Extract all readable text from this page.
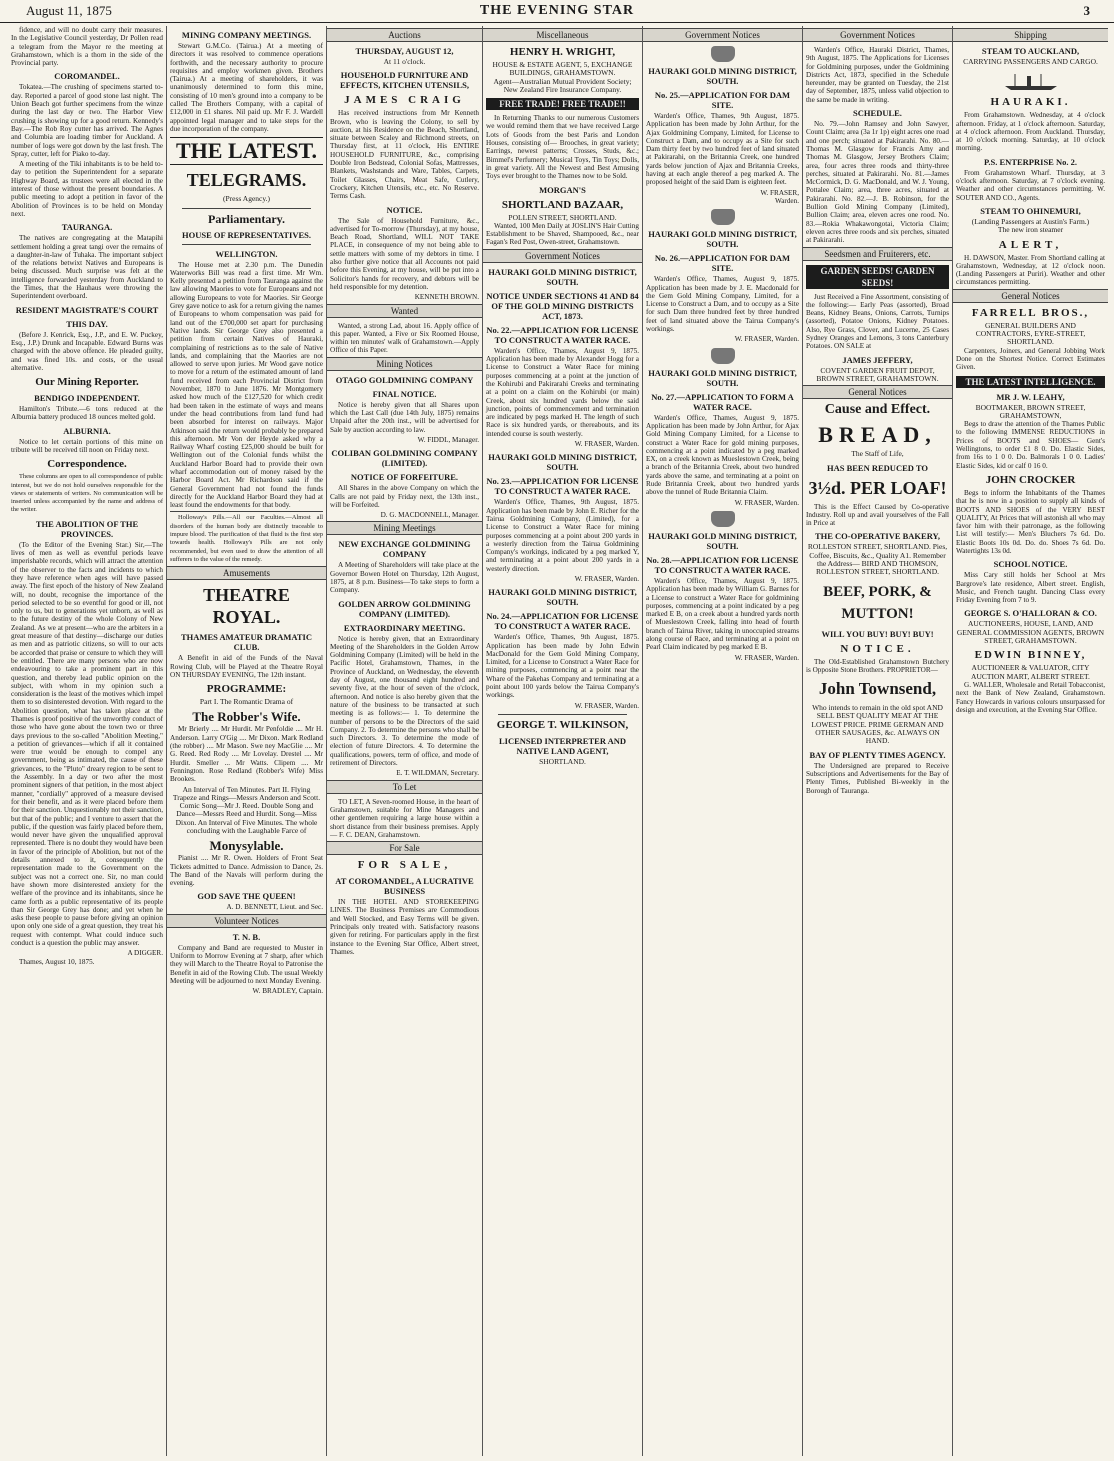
August 11, 1875	THE EVENING STAR	3
fidence, and will no doubt carry their measures. In the Legislative Council yesterday, Dr Pollen read a telegram from the Mayor re the meeting at Grahamstown, which is a thorn in the side of the Provincial party.
COROMANDEL.
Tokatea.—The crushing of specimens started to-day. Reported a parcel of good stone last night. The Union Beach got further specimens from the winze during the last day or two. The Harbor View crushing is showing up for a good return. Kennedy's Bay.—The Rob Roy cutter has arrived. The Agnes and Columbia are loading timber for Auckland. A number of logs were got down by the last fresh. The Spray, cutter, left for Piako to-day.
A meeting of the Tiki inhabitants is to be held to-day to petition the Superintendent for a separate Highway Board, as trustees were all elected in the interest of those without the present boundaries. A public meeting to adopt a petition in favor of the Abolition of Provinces is to be held on Monday next.
TAURANGA.
The natives are congregating at the Matapihi settlement holding a great tangi over the remains of a daughter-in-law of Tuhaka. The important subject of the relations betwixt Natives and Europeans is being discussed. Much surprise was felt at the intelligence forwarded yesterday from Auckland to the Times, that the Hauhaus were throwing the Superintendent overboard.
RESIDENT MAGISTRATE'S COURT
THIS DAY.
(Before J. Kenrick, Esq., J.P., and E. W. Puckey, Esq., J.P.) Drunk and Incapable. Edward Burns was charged with the above offence. He pleaded guilty, and was fined 10s. and costs, or the usual alternative.
Our Mining Reporter.
BENDIGO INDEPENDENT.
Hamilton's Tribute.—6 tons reduced at the Alburnia battery produced 18 ounces melted gold.
ALBURNIA.
Notice to let certain portions of this mine on tribute will be received till noon on Friday next.
Correspondence.
These columns are open to all correspondence of public interest, but we do not hold ourselves responsible for the views or statements of writers. No communication will be inserted unless accompanied by the name and address of the writer.
THE ABOLITION OF THE PROVINCES.
(To the Editor of the Evening Star.) Sir,—The lives of men as well as eventful periods leave imperishable records, which will attract the attention of the observer to the facts and incidents to which they have reference when ages will have passed away. The first epoch of the history of New Zealand will, no doubt, recognise the importance of the period selected to be so eventful for good or ill, not only to us, but to generations yet unborn, as well as to the future destiny of the whole Colony of New Zealand. As we at present—who are the arbiters in a great measure of that destiny—discharge our duties as men and as patriotic citizens, so will to our acts be accorded that praise or censure to which they will be entitled. There are many persons who are now endeavouring to take a prominent part in this question, and thereby lead public opinion on the subject, with whom in my opinion such a consideration is the least of the motives which impel them to so disinterested devotion. With regard to the Abolition question, what has taken place at the Thames is proof positive of the unworthy conduct of those who have gone about the town two or three days previous to the so-called "Abolition Meeting," a petition of grievances—which if all it contained were true would be enough to compel any government, being as intimated, the cause of these grievances, to the "Pluto" dreary region to be sent to the Assembly. In a day or two after the most prominent signers of that petition, in the most abject manner, "cordially" approved of a measure devised for their benefit, and as it were placed before them for their sanction. Unquestionably not their sanction, but that of the public; and I venture to assert that the public, if the question was fairly placed before them, would never have given the unqualified approval represented. There is no doubt they would have been in favor of the principle of Abolition, but not of the details annexed to it, consequently the representation made to the Government on the subject was not a correct one. Sir, no man could have shown more disinterested anxiety for the welfare of the province and its inhabitants, since he came forth as a public representative of its people than Sir George Grey has done; and yet when he asks these people to pause before giving an opinion upon only one side of a great question, they treat his request with contempt. What could induce such conduct is a question the public may answer.
A DIGGER.
Thames, August 10, 1875.
MINING COMPANY MEETINGS.
Stewart G.M.Co. (Tairua.) At a meeting of directors it was resolved to commence operations forthwith, and the necessary authority to procure requisites and employ workmen given. Brothers (Tairua.) At a meeting of shareholders, it was unanimously determined to form this mine, consisting of 10 men's ground into a company to be called The Brothers Company, with a capital of £12,000 in £1 shares. Nil paid up. Mr F. J. Wardell appointed legal manager and to take steps for the due incorporation of the company.
THE LATEST.
TELEGRAMS.
(Press Agency.)
Parliamentary.
HOUSE OF REPRESENTATIVES.
WELLINGTON.
The House met at 2.30 p.m. The Dunedin Waterworks Bill was read a first time. Mr Wm. Kelly presented a petition from Tauranga against the law allowing Maories to vote for Europeans and not allowing Europeans to vote for Maories. Sir George Grey gave notice to ask for a return giving the names of Europeans to whom compensation was paid for land out of the £700,000 set apart for purchasing Native lands. Sir George Grey also presented a petition from certain Natives of Hauraki, complaining of restrictions as to the sale of Native lands, and complaining that the Maories are not allowed to serve upon juries. Mr Wood gave notice to move for a return of the estimated amount of land fund received from each Provincial District from November, 1870 to June 1876. Mr Montgomery asked how much of the £127,520 for which credit had been taken in the estimate of ways and means under the head contributions from land fund had been absorbed for interest on railways. Major Atkinson said the return would probably be prepared this afternoon. Mr Von der Heyde asked why a Railway Wharf costing £25,000 should be built for Wellington out of the Colonial funds whilst the Auckland Harbor Board had to provide their own wharf accommodation out of money raised by the Harbor Board Act. Mr Richardson said if the General Government had not found the funds directly for the Auckland Harbor Board they had at least found the endowments for that body.
Holloway's Pills.—All our Faculties.—Almost all disorders of the human body are distinctly traceable to impure blood. The purification of that fluid is the first step towards health. Holloway's Pills are not only recommended, but even used to draw the attention of all sufferers to the value of the remedy.
Amusements
THEATRE ROYAL.
THAMES AMATEUR DRAMATIC CLUB.
A Benefit in aid of the Funds of the Naval Rowing Club, will be Played at the Theatre Royal ON THURSDAY EVENING, The 12th instant.
PROGRAMME:
Part I. The Romantic Drama of
The Robber's Wife.
Mr Brierly .... Mr Hurdit. Mr Penfoldie .... Mr H. Anderson. Larry O'Gig .... Mr Dixon. Mark Redland (the robber) .... Mr Mason. Swe ney MacGlie .... Mr G. Reed. Red Rody .... Mr Lovelay. Drestel .... Mr Hurdit. Smeller ... Mr Watts. Clipem .... Mr Fennington. Rose Redland (Robber's Wife) Miss Brookes.
An Interval of Ten Minutes. Part II. Flying Trapeze and Rings—Messrs Anderson and Scott. Comic Song—Mr J. Reed. Double Song and Dance—Messrs Reed and Hurdit. Song—Miss Dixon. An Interval of Five Minutes. The whole concluding with the Laughable Farce of
Monysylable.
Pianist .... Mr R. Owen. Holders of Front Seat Tickets admitted to Dance. Admission to Dance, 2s. The Band of the Navals will perform during the evening.
GOD SAVE THE QUEEN!
A. D. BENNETT, Lieut. and Sec.
Volunteer Notices
T. N. B.
Company and Band are requested to Muster in Uniform to Morrow Evening at 7 sharp, after which they will March to the Theatre Royal to Patronise the Benefit in aid of the Rowing Club. The usual Weekly Meeting will be adjourned to next Monday Evening.
W. BRADLEY, Captain.
Auctions
THURSDAY, AUGUST 12,
At 11 o'clock.
HOUSEHOLD FURNITURE AND EFFECTS, KITCHEN UTENSILS,
JAMES CRAIG
Has received instructions from Mr Kenneth Brown, who is leaving the Colony, to sell by auction, at his Residence on the Beach, Shortland, situate between Scaley and Richmond streets, on Thursday first, at 11 o'clock, His ENTIRE HOUSEHOLD FURNITURE, &c., comprising Double Iron Bedstead, Colonial Sofas, Mattresses, Blankets, Washstands and Ware, Tables, Carpets, Toilet Glasses, Chairs, Meat Safe, Cutlery, Crockery, Kitchen Utensils, etc., etc. No Reserve. Terms Cash.
NOTICE.
The Sale of Household Furniture, &c., advertised for To-morrow (Thursday), at my house, Beach Road, Shortland, WILL NOT TAKE PLACE, in consequence of my not being able to settle matters with some of my debtors in time. I also further give notice that all Accounts not paid before this Evening, at my house, will be put into a Solicitor's hands for recovery, and debtors will be held responsible for my detention.
KENNETH BROWN.
Wanted
Wanted, a strong Lad, about 16. Apply office of this paper. Wanted, a Five or Six Roomed House, within ten minutes' walk of Grahamstown.—Apply Office of this Paper.
Mining Notices
OTAGO GOLDMINING COMPANY
FINAL NOTICE.
Notice is hereby given that all Shares upon which the Last Call (due 14th July, 1875) remains Unpaid after the 20th inst., will be advertised for Sale by auction according to law.
W. FIDDL, Manager.
COLIBAN GOLDMINING COMPANY (LIMITED).
NOTICE OF FORFEITURE.
All Shares in the above Company on which the Calls are not paid by Friday next, the 13th inst., will be Forfeited.
D. G. MACDONNELL, Manager.
Mining Meetings
NEW EXCHANGE GOLDMINING COMPANY
A Meeting of Shareholders will take place at the Governor Bowen Hotel on Thursday, 12th August, 1875, at 8 p.m. Business—To take steps to form a Company.
GOLDEN ARROW GOLDMINING COMPANY (LIMITED).
EXTRAORDINARY MEETING.
Notice is hereby given, that an Extraordinary Meeting of the Shareholders in the Golden Arrow Goldmining Company (Limited) will be held in the Pacific Hotel, Grahamstown, Thames, in the Province of Auckland, on Wednesday, the eleventh day of August, one thousand eight hundred and seventy five, at the hour of seven of the o'clock, afternoon. And notice is also hereby given that the nature of the business to be transacted at such meeting is as follows:— 1. To determine the number of persons to be the Directors of the said Company. 2. To determine the persons who shall be such Directors. 3. To determine the mode of election of future Directors. 4. To determine the qualifications, powers, term of office, and mode of retirement of Directors.
E. T. WILDMAN, Secretary.
To Let
TO LET, A Seven-roomed House, in the heart of Grahamstown, suitable for Mine Managers and other gentlemen requiring a large house within a short distance from their business premises. Apply— F. C. DEAN, Grahamstown.
For Sale
FOR SALE,
AT COROMANDEL, A LUCRATIVE BUSINESS
IN THE HOTEL AND STOREKEEPING LINES. The Business Premises are Commodious and Well Stocked, and Easy Terms will be given. Principals only treated with. Satisfactory reasons given for retiring. For particulars apply in the first instance to the Evening Star Office, Albert street, Thames.
Miscellaneous
HENRY H. WRIGHT,
HOUSE & ESTATE AGENT, 5, EXCHANGE BUILDINGS, GRAHAMSTOWN.
Agent—Australian Mutual Provident Society; New Zealand Fire Insurance Company.
FREE TRADE! FREE TRADE!!
In Returning Thanks to our numerous Customers we would remind them that we have received Large Lots of Goods from the best Paris and London Houses, consisting of— Brooches, in great variety; Earrings, newest patterns; Crosses, Studs, &c.; Bimmel's Perfumery; Musical Toys, Tin Toys; Dolls, in great variety. All the Newest and Best Amusing Toys ever brought to the Thames now to be Sold.
MORGAN'S
SHORTLAND BAZAAR,
POLLEN STREET, SHORTLAND.
Wanted, 100 Men Daily at JOSLIN'S Hair Cutting Establishment to be Shaved, Shampooed, &c., near Fagan's Red Post, Owen-street, Grahamstown.
Government Notices
HAURAKI GOLD MINING DISTRICT, SOUTH.
NOTICE UNDER SECTIONS 41 AND 84 OF THE GOLD MINING DISTRICTS ACT, 1873.
No. 22.—APPLICATION FOR LICENSE TO CONSTRUCT A WATER RACE.
Warden's Office, Thames, August 9, 1875. Application has been made by Alexander Hogg for a License to Construct a Water Race for mining purposes commencing at a point at the junction of the Kohirubi and Pakirarahi Creeks and terminating at a point on a claim on the Kohirubi (or main) Creek, about six hundred yards below the said junction, points of commencement and termination are indicated by pegs marked H. The length of such Race is six hundred yards, or thereabouts, and its intended course is south westerly.
W. FRASER, Warden.
HAURAKI GOLD MINING DISTRICT, SOUTH.
No. 23.—APPLICATION FOR LICENSE TO CONSTRUCT A WATER RACE.
Warden's Office, Thames, 9th August, 1875. Application has been made by John E. Richer for the Tairua Goldmining Company, (Limited), for a License to Construct a Water Race for mining purposes commencing at a point about 200 yards in a westerly direction from the Tairua Goldmining Company's workings, indicated by a peg marked Y, and terminating at a point about 200 yards in a westerly direction.
W. FRASER, Warden.
HAURAKI GOLD MINING DISTRICT, SOUTH.
No. 24.—APPLICATION FOR LICENSE TO CONSTRUCT A WATER RACE.
Warden's Office, Thames, 9th August, 1875. Application has been made by John Edwin MacDonald for the Gem Gold Mining Company, Limited, for a License to Construct a Water Race for mining purposes, commencing at a point near the Whare of the Pakehas Company and terminating at a point about 100 yards below the Tairua Company's workings.
W. FRASER, Warden.
GEORGE T. WILKINSON,
LICENSED INTERPRETER AND NATIVE LAND AGENT,
SHORTLAND.
Government Notices
HAURAKI GOLD MINING DISTRICT, SOUTH.
No. 25.—APPLICATION FOR DAM SITE.
Warden's Office, Thames, 9th August, 1875. Application has been made by John Arthur, for the Ajax Goldmining Company, Limited, for License to Construct a Dam, and to occupy as a Site for such Dam thirty feet by two hundred feet of land situated at Pakirarahi, on the Britannia Creek, one hundred yards below junction of Ajax and Britannia Creeks, having at each angle thereof a peg marked A. The proposed height of the said Dam is eighteen feet.
W. FRASER,
Warden.
HAURAKI GOLD MINING DISTRICT, SOUTH.
No. 26.—APPLICATION FOR DAM SITE.
Warden's Office, Thames, August 9, 1875. Application has been made by J. E. Macdonald for the Gem Gold Mining Company, Limited, for a License to Construct a Dam, and to occupy as a Site for such Dam three hundred feet by three hundred feet of land situated above the Tairua Company's workings.
W. FRASER, Warden.
HAURAKI GOLD MINING DISTRICT, SOUTH.
No. 27.—APPLICATION TO FORM A WATER RACE.
Warden's Office, Thames, August 9, 1875. Application has been made by John Arthur, for Ajax Gold Mining Company Limited, for a License to construct a Water Race for gold mining purposes, commencing at a point indicated by a peg marked EX, on a creek known as Mueslestown Creek, being a branch of the Britannia Creek, about two hundred yards above the same, and terminating at a point on Rude Britannia Creek, about two hundred yards above the tunnel of Rude Britannia Claim.
W. FRASER, Warden.
HAURAKI GOLD MINING DISTRICT, SOUTH.
No. 28.—APPLICATION FOR LICENSE TO CONSTRUCT A WATER RACE.
Warden's Office, Thames, August 9, 1875. Application has been made by William G. Barnes for a License to construct a Water Race for goldmining purposes, commencing at a point indicated by a peg marked E B, on a creek about a hundred yards north of Mueslestown Creek, falling into head of fourth branch of Tairua River, taking in unoccupied streams along course of Race, and terminating at a point on Pearl Claim indicated by peg marked E B.
W. FRASER, Warden.
Government Notices
Warden's Office, Hauraki District, Thames, 9th August, 1875. The Applications for Licenses for Goldmining purposes, under the Goldmining Districts Act, 1873, specified in the Schedule hereunder, may be granted on Tuesday, the 21st day of September, 1875, unless valid objection to the same be made in writing.
SCHEDULE.
No. 79.—John Ramsey and John Sawyer, Count Claim; area (3a 1r 1p) eight acres one road and one perch; situated at Pakirarahi. No. 80.—Thomas M. Glasgow for Francis Amy and Thomas M. Glasgow, Jersey Brothers Claim; area, four acres three roods and thirty-three perches, situated at Pakirarahi. No. 81.—James McCormick, D. G. MacDonald, and W. J. Young, Pottalee Claim; area, three acres, situated at Pakirarahi. No. 82.—J. B. Robinson, for the Bullion Gold Mining Company (Limited), Bullion Claim; area, eleven acres one rood. No. 83.—Rokia Whakawongotai, Victoria Claim; eleven acres three roods and six perches, situated at Pakirarahi.
Seedsmen and Fruiterers, etc.
GARDEN SEEDS! GARDEN SEEDS!
Just Received a Fine Assortment, consisting of the following:— Early Peas (assorted), Broad Beans, Kidney Beans, Onions, Carrots, Turnips (assorted), Potatoe Onions, Kidney Potatoes. Also, Rye Grass, Clover, and Lucerne, 25 Cases Sydney Oranges and Lemons, 3 tons Canterbury Potatoes. ON SALE at
JAMES JEFFERY,
COVENT GARDEN FRUIT DEPOT, BROWN STREET, GRAHAMSTOWN.
General Notices
Cause and Effect.
BREAD,
The Staff of Life,
HAS BEEN REDUCED TO
3½d. PER LOAF!
This is the Effect Caused by Co-operative Industry. Roll up and avail yourselves of the Fall in Price at
THE CO-OPERATIVE BAKERY,
ROLLESTON STREET, SHORTLAND. Pies, Coffee, Biscuits, &c., Quality A1. Remember the Address— BIRD AND THOMSON, ROLLESTON STREET, SHORTLAND.
BEEF, PORK, & MUTTON!
WILL YOU BUY! BUY! BUY!
NOTICE.
The Old-Established Grahamstown Butchery is Opposite Stone Brothers. PROPRIETOR—
John Townsend,
Who intends to remain in the old spot AND SELL BEST QUALITY MEAT AT THE LOWEST PRICE. PRIME GERMAN AND OTHER SAUSAGES, &c. ALWAYS ON HAND.
BAY OF PLENTY TIMES AGENCY.
The Undersigned are prepared to Receive Subscriptions and Advertisements for the Bay of Plenty Times, Published Bi-weekly in the Borough of Tauranga.
Shipping
STEAM TO AUCKLAND,
CARRYING PASSENGERS AND CARGO.
HAURAKI.
From Grahamstown. Wednesday, at 4 o'clock afternoon. Friday, at 1 o'clock afternoon. Saturday, at 4 o'clock afternoon. From Auckland. Thursday, at 10 o'clock morning. Saturday, at 10 o'clock morning.
P.S. ENTERPRISE No. 2.
From Grahamstown Wharf. Thursday, at 3 o'clock afternoon. Saturday, at 7 o'clock evening. Weather and other circumstances permitting. W. SOUTER AND CO., Agents.
STEAM TO OHINEMURI,
(Landing Passengers at Austin's Farm.)
The new iron steamer
ALERT,
H. DAWSON, Master. From Shortland calling at Grahamstown, Wednesday, at 12 o'clock noon. (Landing Passengers at Puriri). Weather and other circumstances permitting.
General Notices
FARRELL BROS.,
GENERAL BUILDERS AND CONTRACTORS, EYRE-STREET, SHORTLAND.
Carpenters, Joiners, and General Jobbing Work Done on the Shortest Notice. Correct Estimates Given.
THE LATEST INTELLIGENCE.
MR J. W. LEAHY,
BOOTMAKER, BROWN STREET, GRAHAMSTOWN,
Begs to draw the attention of the Thames Public to the following IMMENSE REDUCTIONS in Prices of BOOTS and SHOES— Gent's Wellingtons, to order £1 8 0. Do. Elastic Sides, from 16s to 1 0 0. Do. Balmorals 1 0 0. Ladies' Elastic Sides, kid or calf 0 16 0.
JOHN CROCKER
Begs to inform the Inhabitants of the Thames that he is now in a position to supply all kinds of BOOTS AND SHOES of the VERY BEST QUALITY, At Prices that will astonish all who may favor him with their patronage, as the following List will testify:— Men's Bluchers 7s 6d. Do. Elastic Boots 10s 0d. Do. do. Shoes 7s 6d. Do. Watertights 13s 0d.
SCHOOL NOTICE.
Miss Cary still holds her School at Mrs Bargrove's late residence, Albert street. English, Music, and French taught. Dancing Class every Friday Evening from 7 to 9.
GEORGE S. O'HALLORAN & CO.
AUCTIONEERS, HOUSE, LAND, AND GENERAL COMMISSION AGENTS, BROWN STREET, GRAHAMSTOWN.
EDWIN BINNEY,
AUCTIONEER & VALUATOR, CITY AUCTION MART, ALBERT STREET.
G. WALLER, Wholesale and Retail Tobacconist, next the Bank of New Zealand, Grahamstown. Fancy Howcards in various colours unsurpassed for design and execution, at the Evening Star Office.
